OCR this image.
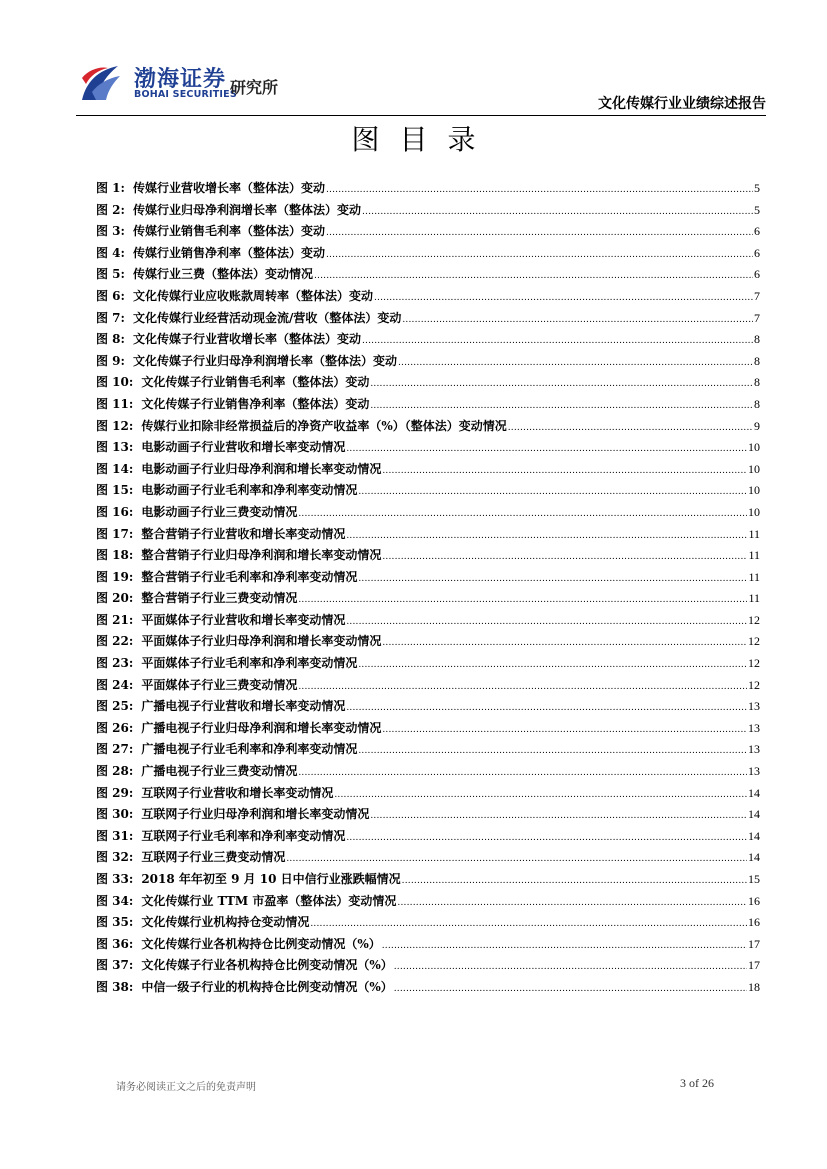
渤海证券
BOHAI SECURITIES
研究所
文化传媒行业业绩综述报告
图目录
图 1: 传媒行业营收增长率（整体法）变动 .....	5
图 2: 传媒行业归母净利润增长率（整体法）变动 .....	5
图 3: 传媒行业销售毛利率（整体法）变动 .....	6
图 4: 传媒行业销售净利率（整体法）变动 .....	6
图 5: 传媒行业三费（整体法）变动情况 .....	6
图 6: 文化传媒行业应收账款周转率（整体法）变动 .....	7
图 7: 文化传媒行业经营活动现金流/营收（整体法）变动 .....	7
图 8: 文化传媒子行业营收增长率（整体法）变动 .....	8
图 9: 文化传媒子行业归母净利润增长率（整体法）变动 .....	8
图 10: 文化传媒子行业销售毛利率（整体法）变动 .....	8
图 11: 文化传媒子行业销售净利率（整体法）变动 .....	8
图 12: 传媒行业扣除非经常损益后的净资产收益率（%）（整体法）变动情况 .....	9
图 13: 电影动画子行业营收和增长率变动情况 .....	10
图 14: 电影动画子行业归母净利润和增长率变动情况 .....	10
图 15: 电影动画子行业毛利率和净利率变动情况 .....	10
图 16: 电影动画子行业三费变动情况 .....	10
图 17: 整合营销子行业营收和增长率变动情况 .....	11
图 18: 整合营销子行业归母净利润和增长率变动情况 .....	11
图 19: 整合营销子行业毛利率和净利率变动情况 .....	11
图 20: 整合营销子行业三费变动情况 .....	11
图 21: 平面媒体子行业营收和增长率变动情况 .....	12
图 22: 平面媒体子行业归母净利润和增长率变动情况 .....	12
图 23: 平面媒体子行业毛利率和净利率变动情况 .....	12
图 24: 平面媒体子行业三费变动情况 .....	12
图 25: 广播电视子行业营收和增长率变动情况 .....	13
图 26: 广播电视子行业归母净利润和增长率变动情况 .....	13
图 27: 广播电视子行业毛利率和净利率变动情况 .....	13
图 28: 广播电视子行业三费变动情况 .....	13
图 29: 互联网子行业营收和增长率变动情况 .....	14
图 30: 互联网子行业归母净利润和增长率变动情况 .....	14
图 31: 互联网子行业毛利率和净利率变动情况 .....	14
图 32: 互联网子行业三费变动情况 .....	14
图 33: 2018 年年初至 9 月 10 日中信行业涨跌幅情况 .....	15
图 34: 文化传媒行业 TTM 市盈率（整体法）变动情况 .....	16
图 35: 文化传媒行业机构持仓变动情况 .....	16
图 36: 文化传媒行业各机构持仓比例变动情况（%） .....	17
图 37: 文化传媒子行业各机构持仓比例变动情况（%） .....	17
图 38: 中信一级子行业的机构持仓比例变动情况（%） .....	18
请务必阅读正文之后的免责声明	3 of 26
